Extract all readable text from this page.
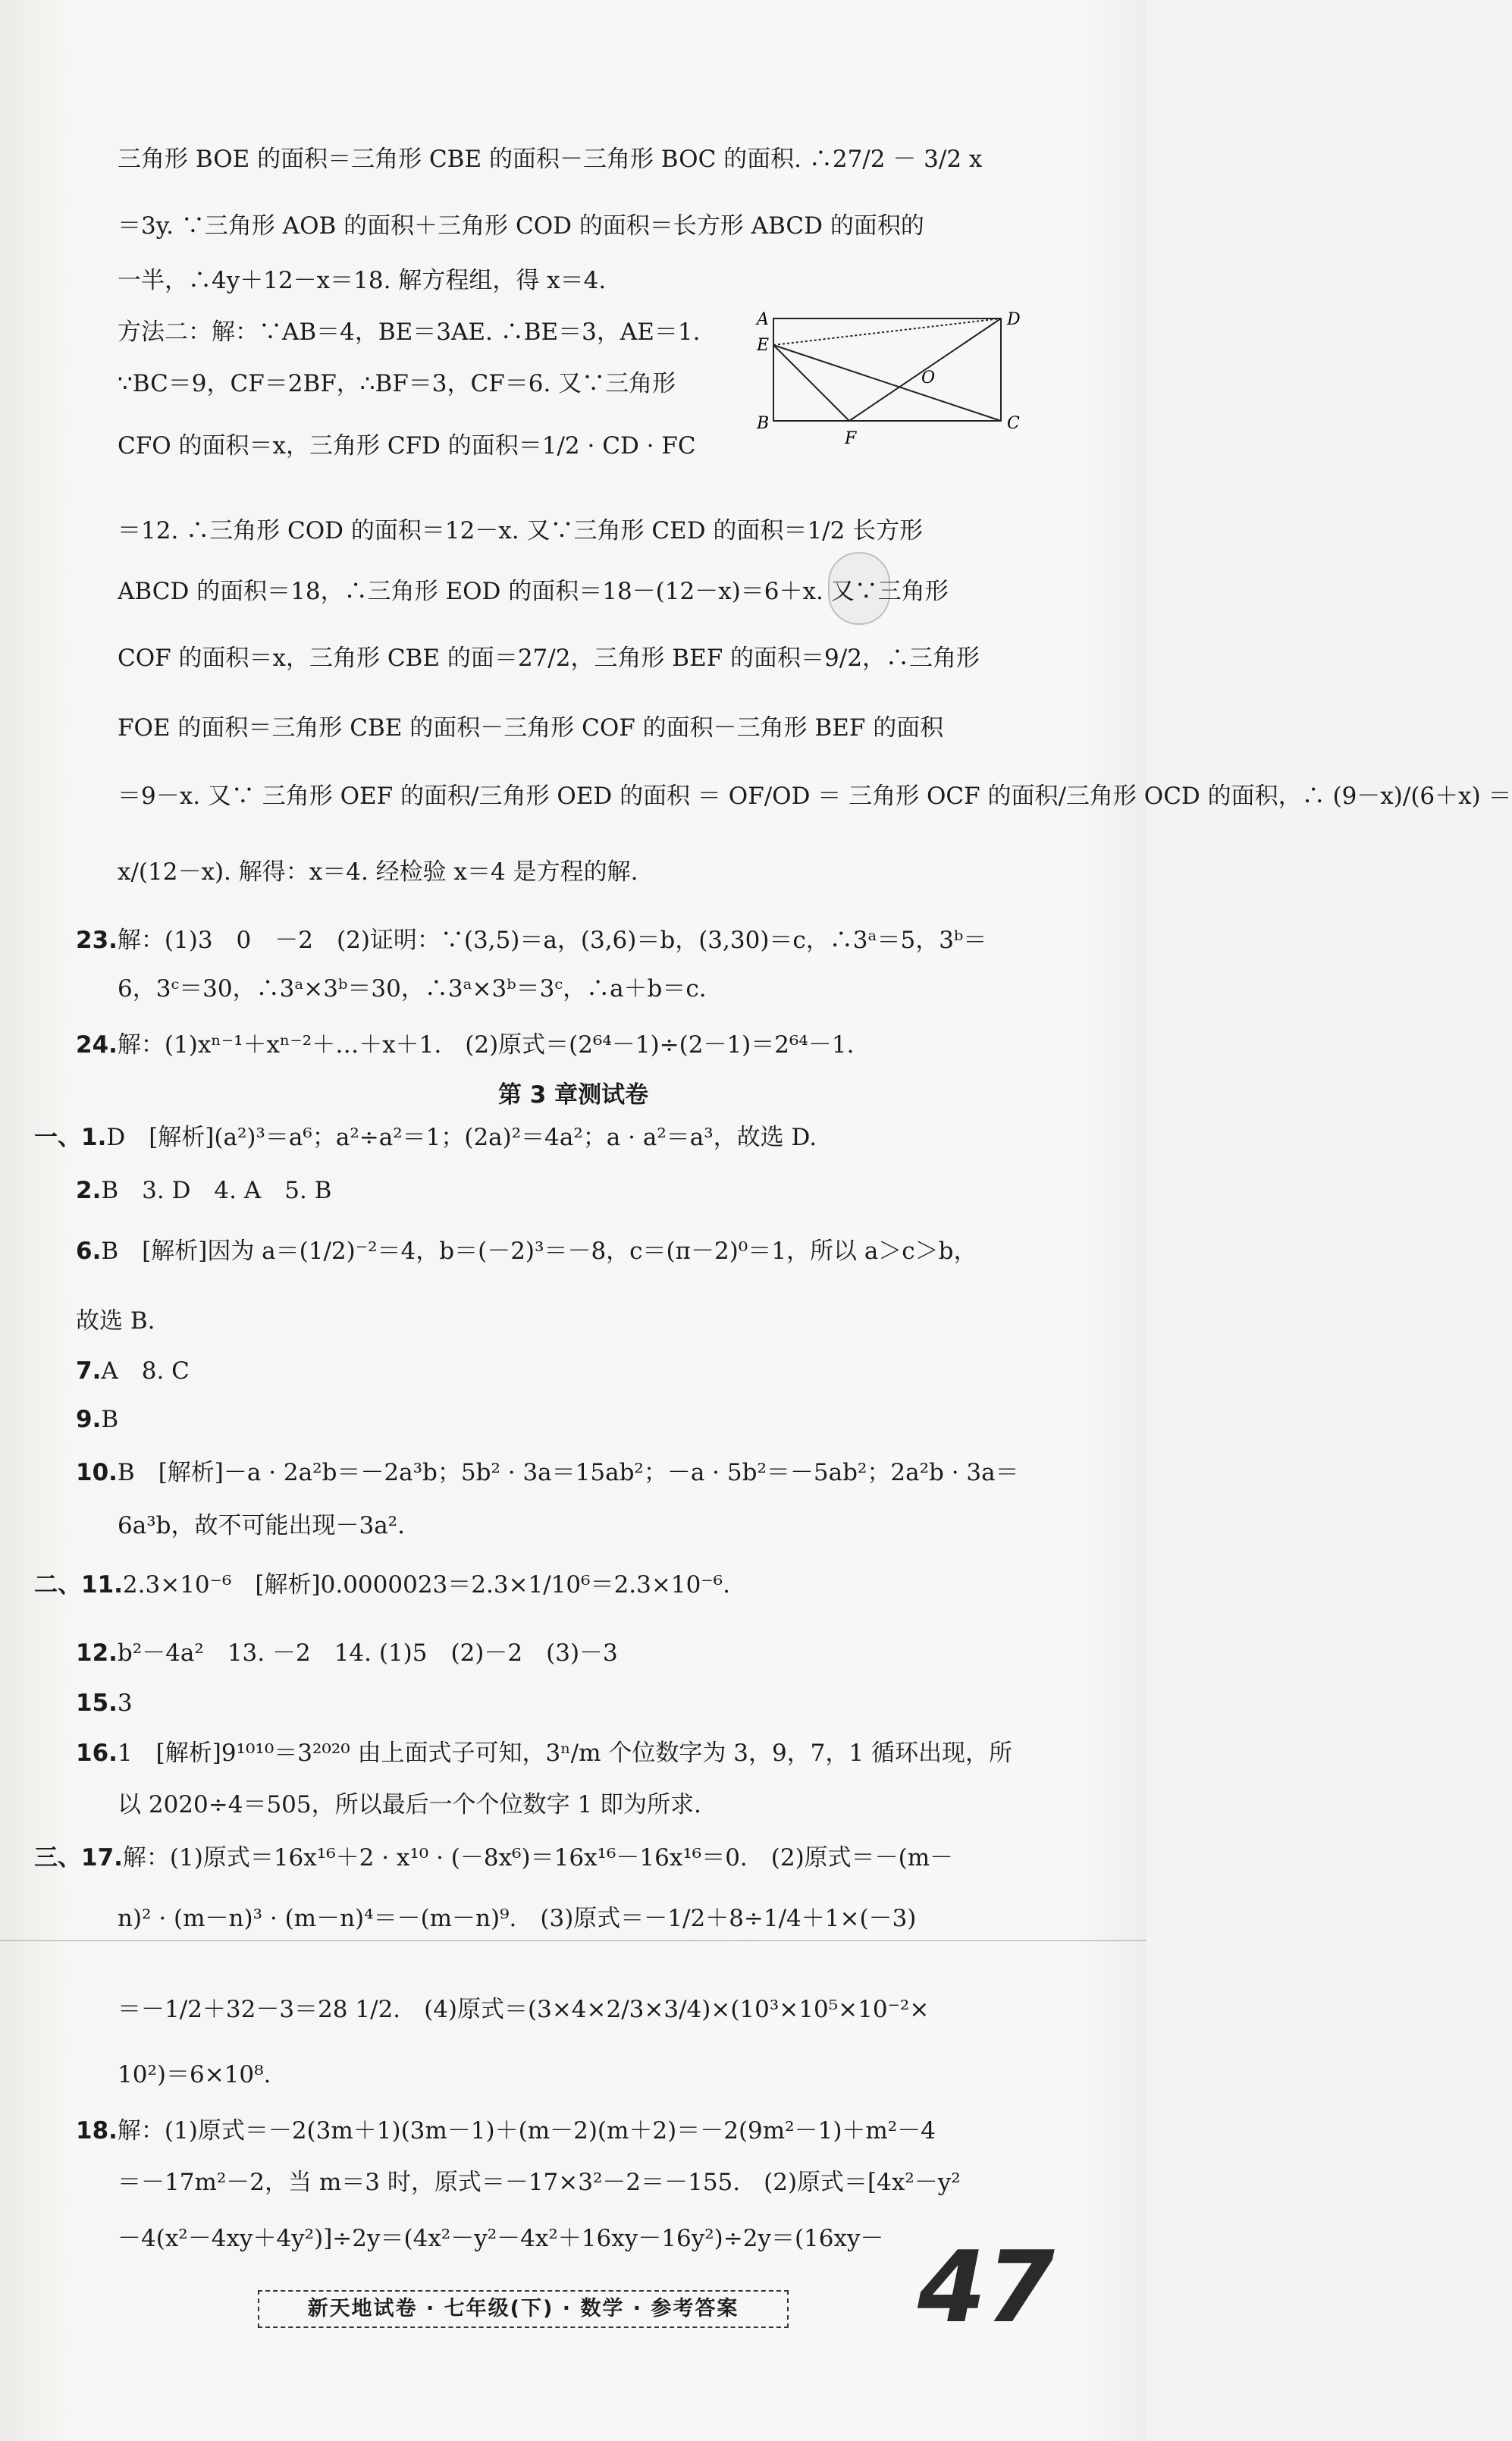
三角形 BOE 的面积＝三角形 CBE 的面积－三角形 BOC 的面积. ∴27/2 － 3/2 x
＝3y. ∵三角形 AOB 的面积＋三角形 COD 的面积＝长方形 ABCD 的面积的
一半，∴4y＋12－x＝18. 解方程组，得 x＝4.
方法二：解：∵AB＝4，BE＝3AE. ∴BE＝3，AE＝1.
∵BC＝9，CF＝2BF，∴BF＝3，CF＝6. 又∵三角形
CFO 的面积＝x，三角形 CFD 的面积＝1/2 · CD · FC
A	D
E
O
B
F
C
＝12. ∴三角形 COD 的面积＝12－x. 又∵三角形 CED 的面积＝1/2 长方形
ABCD 的面积＝18，∴三角形 EOD 的面积＝18－(12－x)＝6＋x. 又∵三角形
COF 的面积＝x，三角形 CBE 的面＝27/2，三角形 BEF 的面积＝9/2，∴三角形
FOE 的面积＝三角形 CBE 的面积－三角形 COF 的面积－三角形 BEF 的面积
＝9－x. 又∵ 三角形 OEF 的面积/三角形 OED 的面积 ＝ OF/OD ＝ 三角形 OCF 的面积/三角形 OCD 的面积，∴ (9－x)/(6＋x) ＝
x/(12－x). 解得：x＝4. 经检验 x＝4 是方程的解.
23.解：(1)3　0　－2　(2)证明：∵(3,5)＝a，(3,6)＝b，(3,30)＝c，∴3ᵃ＝5，3ᵇ＝
6，3ᶜ＝30，∴3ᵃ×3ᵇ＝30，∴3ᵃ×3ᵇ＝3ᶜ，∴a＋b＝c.
24.解：(1)xⁿ⁻¹＋xⁿ⁻²＋…＋x＋1.　(2)原式＝(2⁶⁴－1)÷(2－1)＝2⁶⁴－1.
第 3 章测试卷
一、1.D　[解析](a²)³＝a⁶；a²÷a²＝1；(2a)²＝4a²；a · a²＝a³，故选 D.
2.B　3. D　4. A　5. B
6.B　[解析]因为 a＝(1/2)⁻²＝4，b＝(－2)³＝－8，c＝(π－2)⁰＝1，所以 a＞c＞b，
故选 B.
7.A　8. C
9.B
10.B　[解析]－a · 2a²b＝－2a³b；5b² · 3a＝15ab²；－a · 5b²＝－5ab²；2a²b · 3a＝
6a³b，故不可能出现－3a².
二、11.2.3×10⁻⁶　[解析]0.0000023＝2.3×1/10⁶＝2.3×10⁻⁶.
12.b²－4a²　13. －2　14. (1)5　(2)－2　(3)－3
15.3
16.1　[解析]9¹⁰¹⁰＝3²⁰²⁰ 由上面式子可知，3ⁿ/m 个位数字为 3，9，7，1 循环出现，所
以 2020÷4＝505，所以最后一个个位数字 1 即为所求.
三、17.解：(1)原式＝16x¹⁶＋2 · x¹⁰ · (－8x⁶)＝16x¹⁶－16x¹⁶＝0.　(2)原式＝－(m－
n)² · (m－n)³ · (m－n)⁴＝－(m－n)⁹.　(3)原式＝－1/2＋8÷1/4＋1×(－3)
＝－1/2＋32－3＝28 1/2.　(4)原式＝(3×4×2/3×3/4)×(10³×10⁵×10⁻²×
10²)＝6×10⁸.
18.解：(1)原式＝－2(3m＋1)(3m－1)＋(m－2)(m＋2)＝－2(9m²－1)＋m²－4
＝－17m²－2，当 m＝3 时，原式＝－17×3²－2＝－155.　(2)原式＝[4x²－y²
－4(x²－4xy＋4y²)]÷2y＝(4x²－y²－4x²＋16xy－16y²)÷2y＝(16xy－
新天地试卷 · 七年级(下) · 数学 · 参考答案	47
